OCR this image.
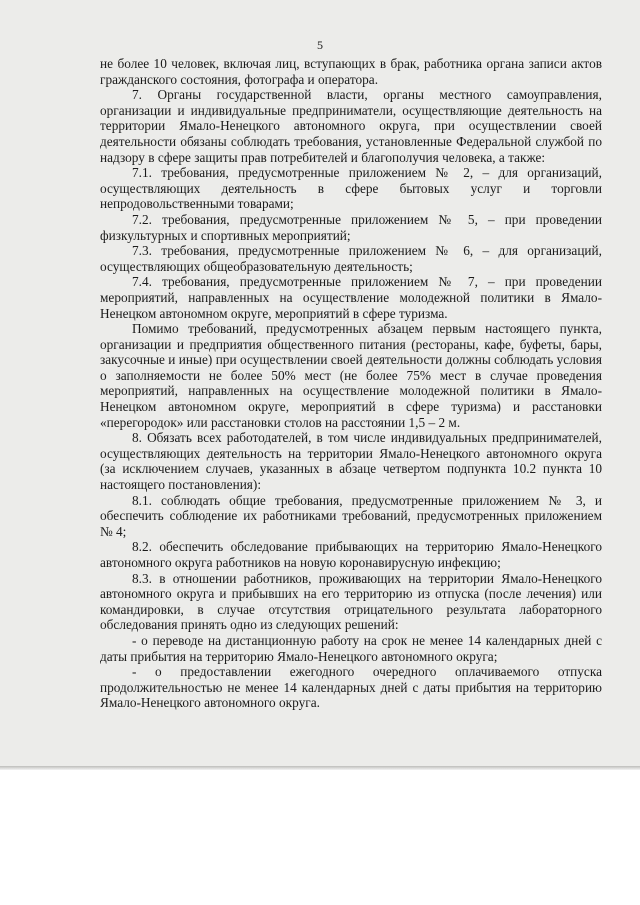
5

не более 10 человек, включая лиц, вступающих в брак, работника органа записи актов гражданского состояния, фотографа и оператора.

7. Органы государственной власти, органы местного самоуправления, организации и индивидуальные предприниматели, осуществляющие деятельность на территории Ямало-Ненецкого автономного округа, при осуществлении своей деятельности обязаны соблюдать требования, установленные Федеральной службой по надзору в сфере защиты прав потребителей и благополучия человека, а также:

7.1. требования, предусмотренные приложением № 2, – для организаций, осуществляющих деятельность в сфере бытовых услуг и торговли непродовольственными товарами;

7.2. требования, предусмотренные приложением № 5, – при проведении физкультурных и спортивных мероприятий;

7.3. требования, предусмотренные приложением № 6, – для организаций, осуществляющих общеобразовательную деятельность;

7.4. требования, предусмотренные приложением № 7, – при проведении мероприятий, направленных на осуществление молодежной политики в Ямало-Ненецком автономном округе, мероприятий в сфере туризма.

Помимо требований, предусмотренных абзацем первым настоящего пункта, организации и предприятия общественного питания (рестораны, кафе, буфеты, бары, закусочные и иные) при осуществлении своей деятельности должны соблюдать условия о заполняемости не более 50% мест (не более 75% мест в случае проведения мероприятий, направленных на осуществление молодежной политики в Ямало-Ненецком автономном округе, мероприятий в сфере туризма) и расстановки «перегородок» или расстановки столов на расстоянии 1,5 – 2 м.

8. Обязать всех работодателей, в том числе индивидуальных предпринимателей, осуществляющих деятельность на территории Ямало-Ненецкого автономного округа (за исключением случаев, указанных в абзаце четвертом подпункта 10.2 пункта 10 настоящего постановления):

8.1. соблюдать общие требования, предусмотренные приложением № 3, и обеспечить соблюдение их работниками требований, предусмотренных приложением № 4;

8.2. обеспечить обследование прибывающих на территорию Ямало-Ненецкого автономного округа работников на новую коронавирусную инфекцию;

8.3. в отношении работников, проживающих на территории Ямало-Ненецкого автономного округа и прибывших на его территорию из отпуска (после лечения) или командировки, в случае отсутствия отрицательного результата лабораторного обследования принять одно из следующих решений:

- о переводе на дистанционную работу на срок не менее 14 календарных дней с даты прибытия на территорию Ямало-Ненецкого автономного округа;

- о предоставлении ежегодного очередного оплачиваемого отпуска продолжительностью не менее 14 календарных дней с даты прибытия на территорию Ямало-Ненецкого автономного округа.
